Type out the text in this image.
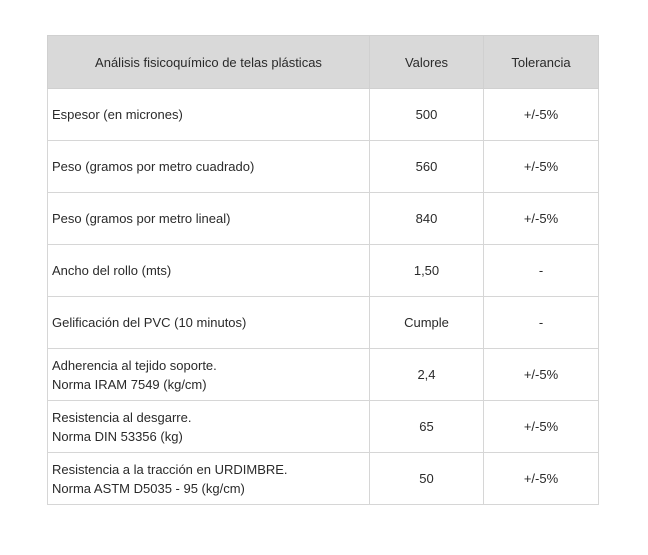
Análisis fisicoquímico de telas plásticas	Valores	Tolerancia

Espesor (en micrones)	500	+/-5%

Peso (gramos por metro cuadrado)	560	+/-5%

Peso (gramos por metro lineal)	840	+/-5%

Ancho del rollo (mts)	1,50	-

Gelificación del PVC (10 minutos)	Cumple	-

Adherencia al tejido soporte.
Norma IRAM 7549 (kg/cm)	2,4	+/-5%

Resistencia al desgarre.
Norma DIN 53356 (kg)	65	+/-5%

Resistencia a la tracción en URDIMBRE.
Norma ASTM D5035 - 95 (kg/cm)	50	+/-5%
